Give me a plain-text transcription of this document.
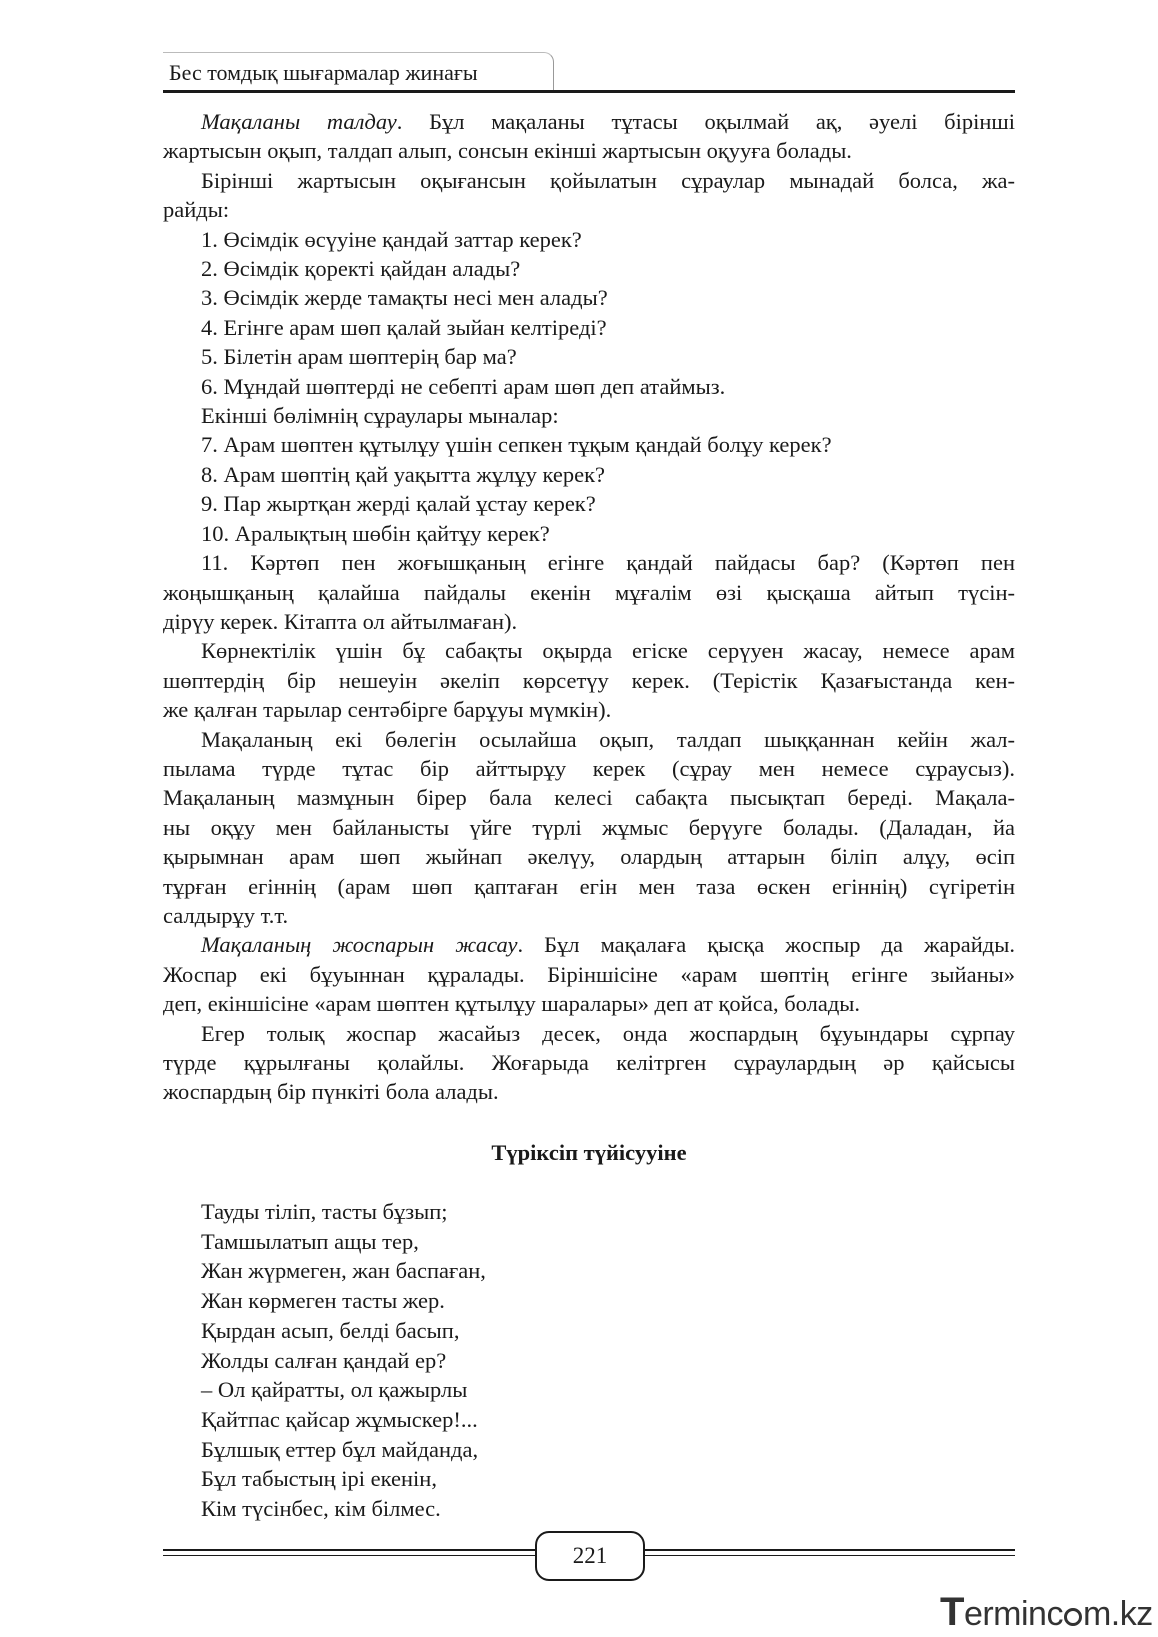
Бес томдық шығармалар жинағы

Мақаланы талдау. Бұл мақаланы тұтасы оқылмай ақ, әуелі бірінші

жартысын оқып, талдап алып, сонсын екінші жартысын оқууға болады.

Бірінші жартысын оқығансын қойылатын сұраулар мынадай болса, жа-

райды:

1. Өсімдік өсүуіне қандай заттар керек?

2. Өсімдік қоректі қайдан алады?

3. Өсімдік жерде тамақты несі мен алады?

4. Егінге арам шөп қалай зыйан келтіреді?

5. Білетін арам шөптерің бар ма?

6. Мұндай шөптерді не себепті арам шөп деп атаймыз.

Екінші бөлімнің сұраулары мыналар:

7. Арам шөптен құтылұу үшін сепкен тұқым қандай болұу керек?

8. Арам шөптің қай уақытта жұлұу керек?

9. Пар жыртқан жерді қалай ұстау керек?

10. Аралықтың шөбін қайтұу керек?

11. Кәртөп пен жоғышқаның егінге қандай пайдасы бар? (Кәртөп пен

жоңышқаның қалайша пайдалы екенін мұғалім өзі қысқаша айтып түсін-

дірүу керек. Кітапта ол айтылмаған).

Көрнектілік үшін бұ сабақты оқырда егіске серүуен жасау, немесе арам

шөптердің бір нешеуін әкеліп көрсетүу керек. (Терістік Қазағыстанда кен-

же қалған тарылар сентәбірге барұуы мүмкін).

Мақаланың екі бөлегін осылайша оқып, талдап шыққаннан кейін жал-

пылама түрде тұтас бір айттырұу керек (сұрау мен немесе сұраусыз).

Мақаланың мазмұнын бірер бала келесі сабақта пысықтап береді. Мақала-

ны оқұу мен байланысты үйге түрлі жұмыс берүуге болады. (Даладан, йа

қырымнан арам шөп жыйнап әкелүу, олардың аттарын біліп алұу, өсіп

тұрған егіннің (арам шөп қаптаған егін мен таза өскен егіннің) сүгіретін

салдырұу т.т.

Мақаланың жоспарын жасау. Бұл мақалаға қысқа жоспыр да жарайды.

Жоспар екі бұуыннан құралады. Біріншісіне «арам шөптің егінге зыйаны»

деп, екіншісіне «арам шөптен құтылұу шаралары» деп ат қойса, болады.

Егер толық жоспар жасайыз десек, онда жоспардың бұуындары сұрпау

түрде құрылғаны қолайлы. Жоғарыда келітрген сұраулардың әр қайсысы

жоспардың бір пүнкіті бола алады.

Түріксіп түйісууіне
Тауды тіліп, тасты бұзып;
Тамшылатып ащы тер,
Жан жүрмеген, жан баспаған,
Жан көрмеген тасты жер.
Қырдан асып, белді басып,
Жолды салған қандай ер?
– Ол қайратты, ол қажырлы
Қайтпас қайсар жұмыскер!...
Бұлшық еттер бұл майданда,
Бұл табыстың ірі екенін,
Кім түсінбес, кім білмес.
221
Terminc m.kz
